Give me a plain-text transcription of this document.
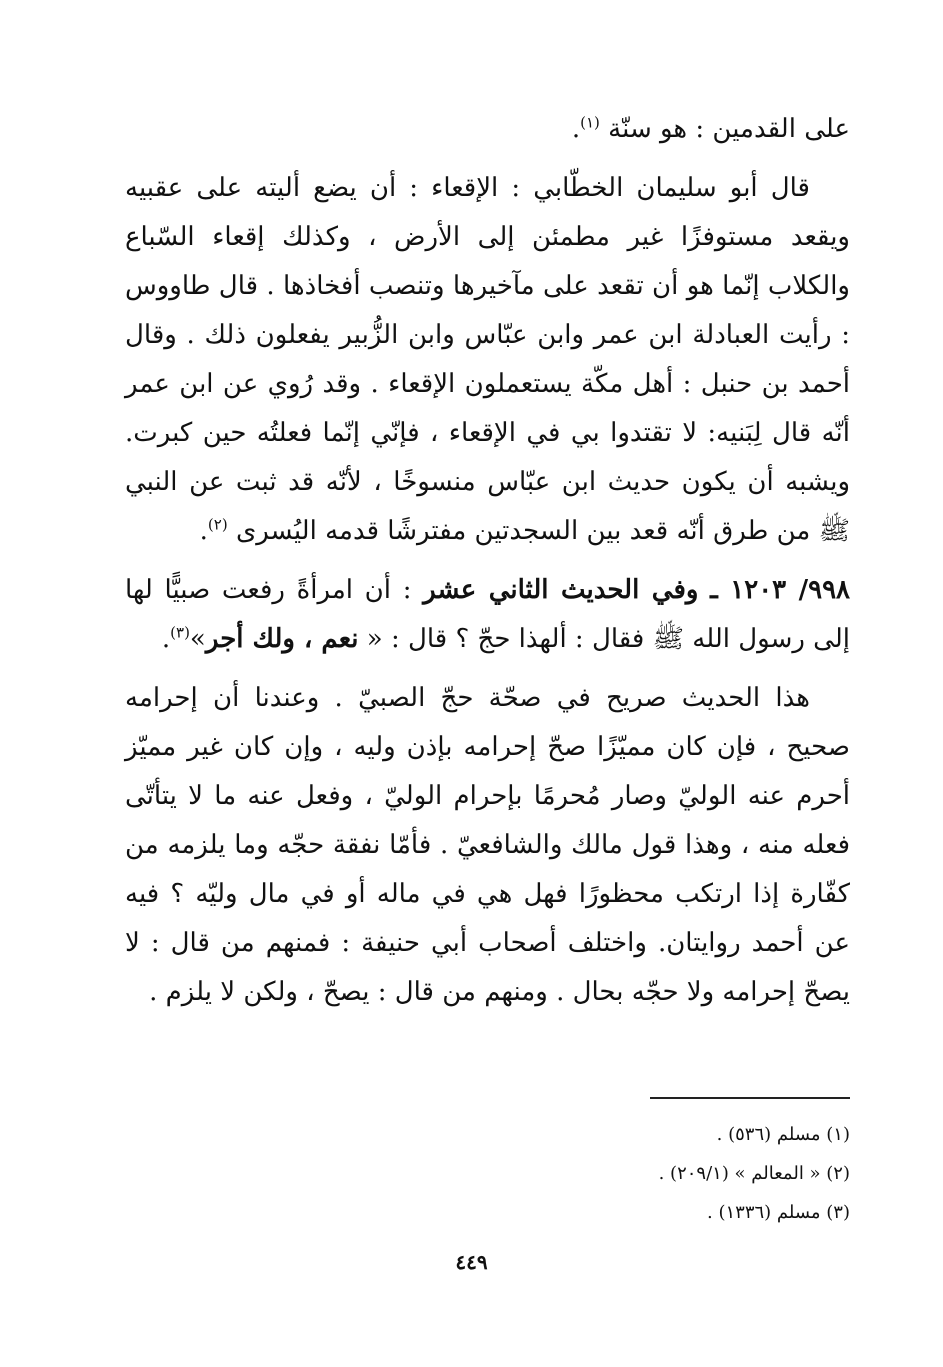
على القدمين : هو سنّة $^{(١)}$.

قال أبو سليمان الخطّابي : الإقعاء : أن يضع أليته على عقبيه ويقعد مستوفزًا غير مطمئن إلى الأرض ، وكذلك إقعاء السّباع والكلاب إنّما هو أن تقعد على مآخيرها وتنصب أفخاذها . قال طاووس : رأيت العبادلة ابن عمر وابن عبّاس وابن الزُّبير يفعلون ذلك . وقال أحمد بن حنبل : أهل مكّة يستعملون الإقعاء . وقد رُوي عن ابن عمر أنّه قال لِبَنيه: لا تقتدوا بي في الإقعاء ، فإنّي إنّما فعلتُه حين كبرت. ويشبه أن يكون حديث ابن عبّاس منسوخًا ، لأنّه قد ثبت عن النبي ﷺ من طرق أنّه قعد بين السجدتين مفترشًا قدمه اليُسرى $^{(٢)}$.

٩٩٨/ ١٢٠٣ ـ وفي الحديث الثاني عشر : أن امرأةً رفعت صبيًّا لها إلى رسول الله ﷺ فقال : ألهذا حجّ ؟ قال : « نعم ، ولك أجر»$^{(٣)}$.

هذا الحديث صريح في صحّة حجّ الصبيّ . وعندنا أن إحرامه صحيح ، فإن كان مميّزًا صحّ إحرامه بإذن وليه ، وإن كان غير مميّز أحرم عنه الوليّ وصار مُحرمًا بإحرام الوليّ ، وفعل عنه ما لا يتأتّى فعله منه ، وهذا قول مالك والشافعيّ . فأمّا نفقة حجّه وما يلزمه من كفّارة إذا ارتكب محظورًا فهل هي في ماله أو في مال وليّه ؟ فيه عن أحمد روايتان. واختلف أصحاب أبي حنيفة : فمنهم من قال : لا يصحّ إحرامه ولا حجّه بحال . ومنهم من قال : يصحّ ، ولكن لا يلزم .

(١) مسلم (٥٣٦) .
(٢) « المعالم » (٢٠٩/١) .
(٣) مسلم (١٣٣٦) .
٤٤٩
